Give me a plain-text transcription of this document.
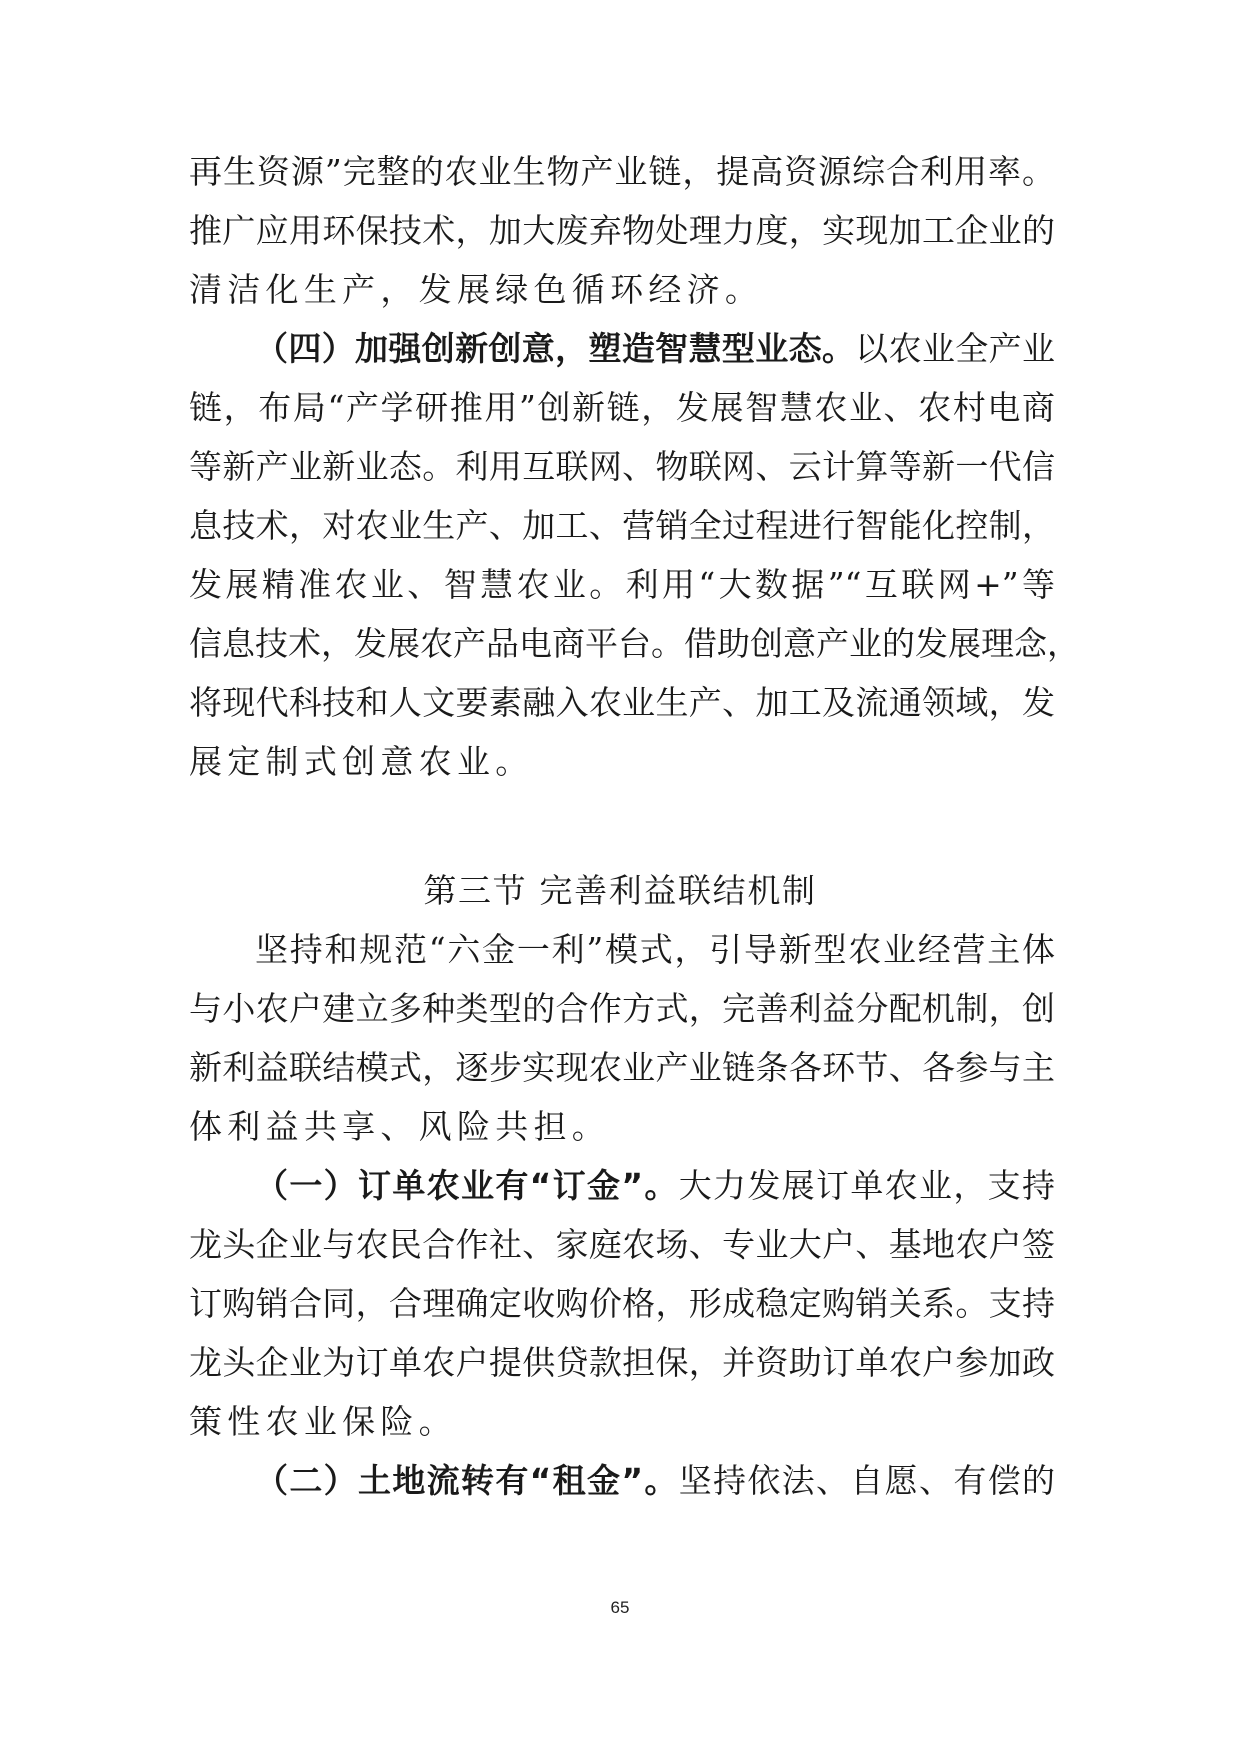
再生资源”完整的农业生物产业链，提高资源综合利用率。
推广应用环保技术，加大废弃物处理力度，实现加工企业的
清洁化生产，发展绿色循环经济。
（四）加强创新创意，塑造智慧型业态。以农业全产业
链，布局“产学研推用”创新链，发展智慧农业、农村电商
等新产业新业态。利用互联网、物联网、云计算等新一代信
息技术，对农业生产、加工、营销全过程进行智能化控制，
发展精准农业、智慧农业。利用“大数据”“互联网+”等
信息技术，发展农产品电商平台。借助创意产业的发展理念，
将现代科技和人文要素融入农业生产、加工及流通领域，发
展定制式创意农业。
第三节 完善利益联结机制
坚持和规范“六金一利”模式，引导新型农业经营主体
与小农户建立多种类型的合作方式，完善利益分配机制，创
新利益联结模式，逐步实现农业产业链条各环节、各参与主
体利益共享、风险共担。
（一）订单农业有“订金”。大力发展订单农业，支持
龙头企业与农民合作社、家庭农场、专业大户、基地农户签
订购销合同，合理确定收购价格，形成稳定购销关系。支持
龙头企业为订单农户提供贷款担保，并资助订单农户参加政
策性农业保险。
（二）土地流转有“租金”。坚持依法、自愿、有偿的
65
